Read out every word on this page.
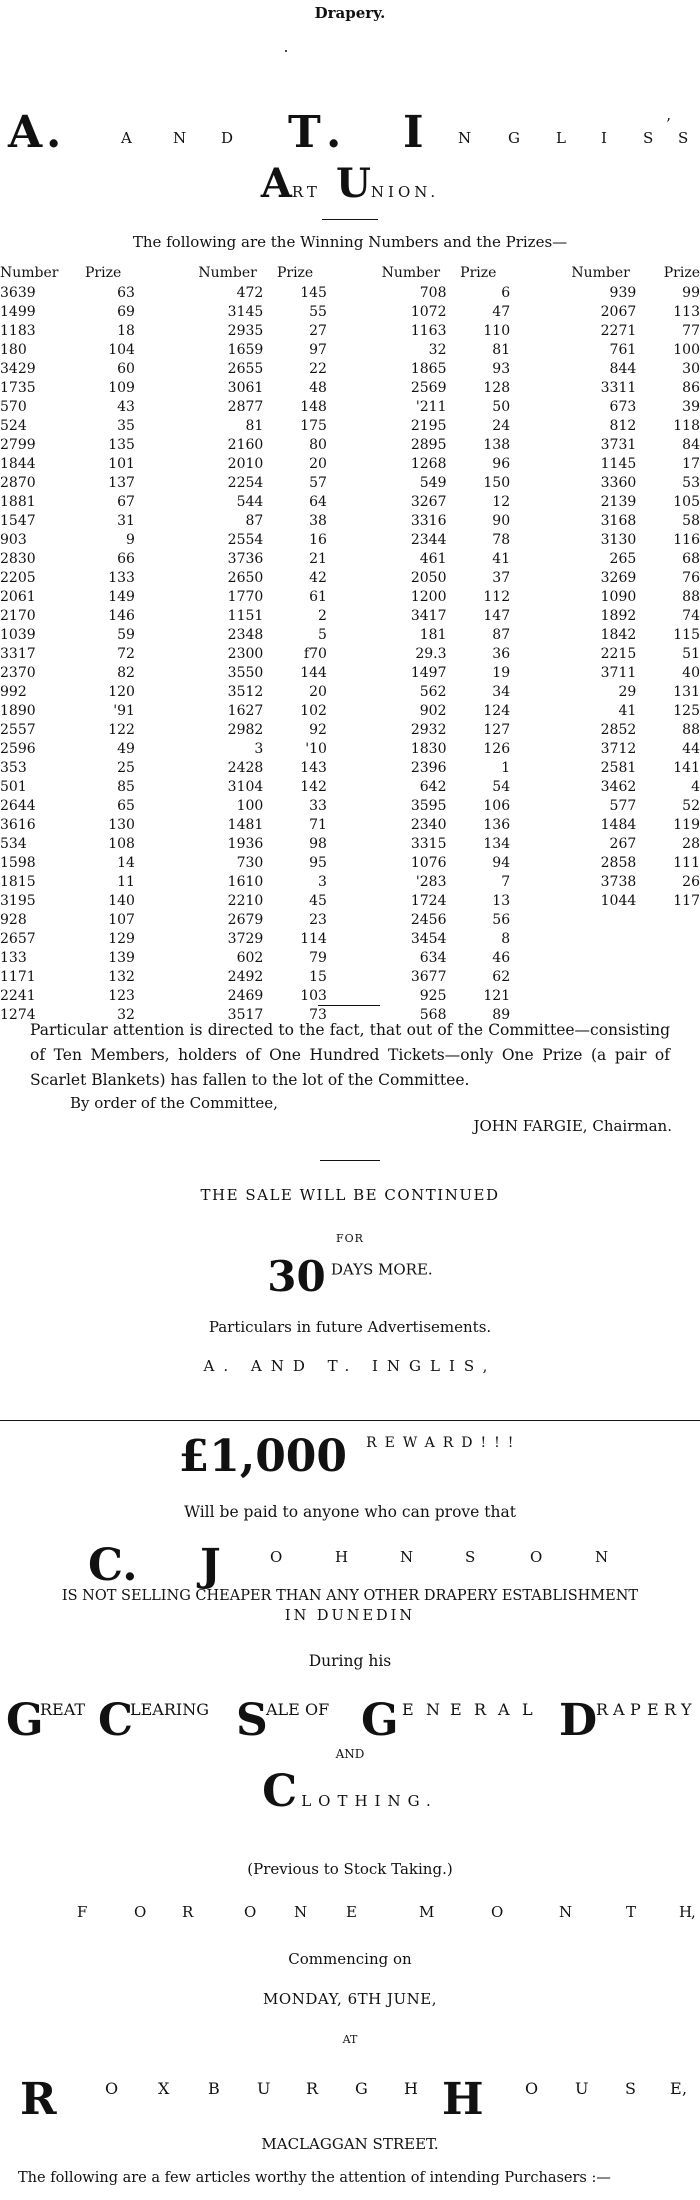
Drapery.
A .	A	N D T . I N G L I S
’
S
ART UNION.
The following are the Winning Numbers and the Prizes—
Number	Prize		Number	Prize		Number	Prize		Number	Prize
3639	63		472	145		708	6		939	99
1499	69		3145	55		1072	47		2067	113
1183	18		2935	27		1163	110		2271	77
180	104		1659	97		32	81		761	100
3429	60		2655	22		1865	93		844	30
1735	109		3061	48		2569	128		3311	86
570	43		2877	148		'211	50		673	39
524	35		81	175		2195	24		812	118
2799	135		2160	80		2895	138		3731	84
1844	101		2010	20		1268	96		1145	17
2870	137		2254	57		549	150		3360	53
1881	67		544	64		3267	12		2139	105
1547	31		87	38		3316	90		3168	58
903	9		2554	16		2344	78		3130	116
2830	66		3736	21		461	41		265	68
2205	133		2650	42		2050	37		3269	76
2061	149		1770	61		1200	112		1090	88
2170	146		1151	2		3417	147		1892	74
1039	59		2348	5		181	87		1842	115
3317	72		2300	f70		29.3	36		2215	51
2370	82		3550	144		1497	19		3711	40
992	120		3512	20		562	34		29	131
1890	'91		1627	102		902	124		41	125
2557	122		2982	92		2932	127		2852	88
2596	49		3	'10		1830	126		3712	44
353	25		2428	143		2396	1		2581	141
501	85		3104	142		642	54		3462	4
2644	65		100	33		3595	106		577	52
3616	130		1481	71		2340	136		1484	119
534	108		1936	98		3315	134		267	28
1598	14		730	95		1076	94		2858	111
1815	11		1610	3		'283	7		3738	26
3195	140		2210	45		1724	13		1044	117
928	107		2679	23		2456	56			
2657	129		3729	114		3454	8			
133	139		602	79		634	46			
1171	132		2492	15		3677	62			
2241	123		2469	103		925	121			
1274	32		3517	73		568	89			
Particular attention is directed to the fact, that out of the Committee—consisting of Ten Members, holders of One Hundred Tickets—only One Prize (a pair of Scarlet Blankets) has fallen to the lot of the Committee.
By order of the Committee,
JOHN FARGIE, Chairman.
THE SALE WILL BE CONTINUED
FOR
30 DAYS MORE.
Particulars in future Advertisements.
A. AND T. INGLIS,
£1,000 REWARD!!!
Will be paid to anyone who can prove that
C. J	O	H	N	S	O	N
IS NOT SELLING CHEAPER THAN ANY OTHER DRAPERY ESTABLISHMENT
IN DUNEDIN
During his
G
REAT C
LEARING S
ALE OF G E N E R A L D
R A P E R Y
AND
CLOTHING.
(Previous to Stock Taking.)
F	O R	O	N	E	M	O	N	T	H
,
Commencing on
MONDAY, 6TH JUNE,
AT
R	O X B U R G H H	O U S E ,
MACLAGGAN STREET.
The following are a few articles worthy the attention of intending Purchasers :—
